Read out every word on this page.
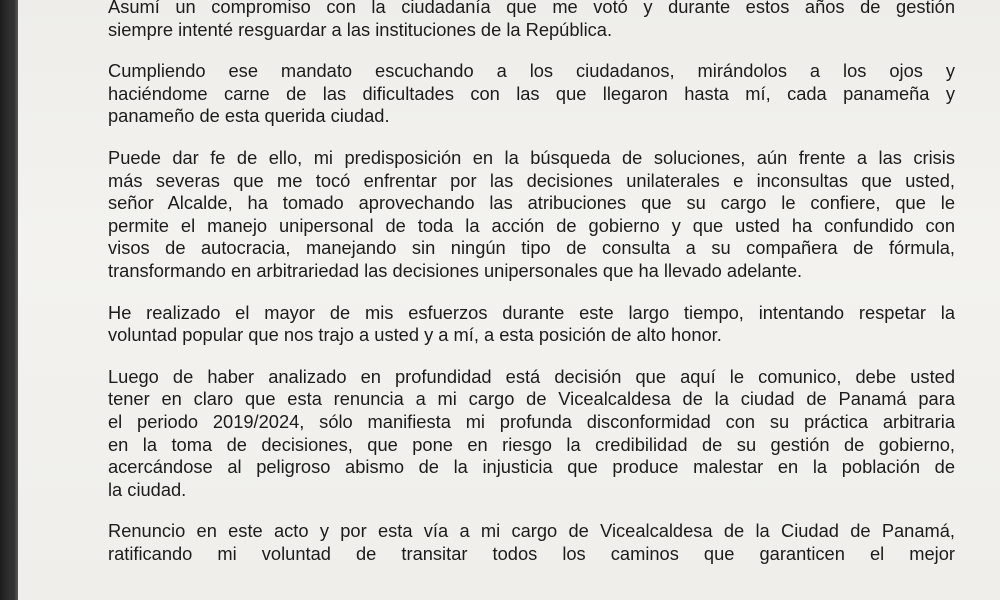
Asumí un compromiso con la ciudadanía que me votó y durante estos años de gestión
siempre intenté resguardar a las instituciones de la República.

Cumpliendo ese mandato escuchando a los ciudadanos, mirándolos a los ojos y
haciéndome carne de las dificultades con las que llegaron hasta mí, cada panameña y
panameño de esta querida ciudad.

Puede dar fe de ello, mi predisposición en la búsqueda de soluciones, aún frente a las crisis
más severas que me tocó enfrentar por las decisiones unilaterales e inconsultas que usted,
señor Alcalde, ha tomado aprovechando las atribuciones que su cargo le confiere, que le
permite el manejo unipersonal de toda la acción de gobierno y que usted ha confundido con
visos de autocracia, manejando sin ningún tipo de consulta a su compañera de fórmula,
transformando en arbitrariedad las decisiones unipersonales que ha llevado adelante.

He realizado el mayor de mis esfuerzos durante este largo tiempo, intentando respetar la
voluntad popular que nos trajo a usted y a mí, a esta posición de alto honor.

Luego de haber analizado en profundidad está decisión que aquí le comunico, debe usted
tener en claro que esta renuncia a mi cargo de Vicealcaldesa de la ciudad de Panamá para
el periodo 2019/2024, sólo manifiesta mi profunda disconformidad con su práctica arbitraria
en la toma de decisiones, que pone en riesgo la credibilidad de su gestión de gobierno,
acercándose al peligroso abismo de la injusticia que produce malestar en la población de
la ciudad.

Renuncio en este acto y por esta vía a mi cargo de Vicealcaldesa de la Ciudad de Panamá,
ratificando mi voluntad de transitar todos los caminos que garanticen el mejor
